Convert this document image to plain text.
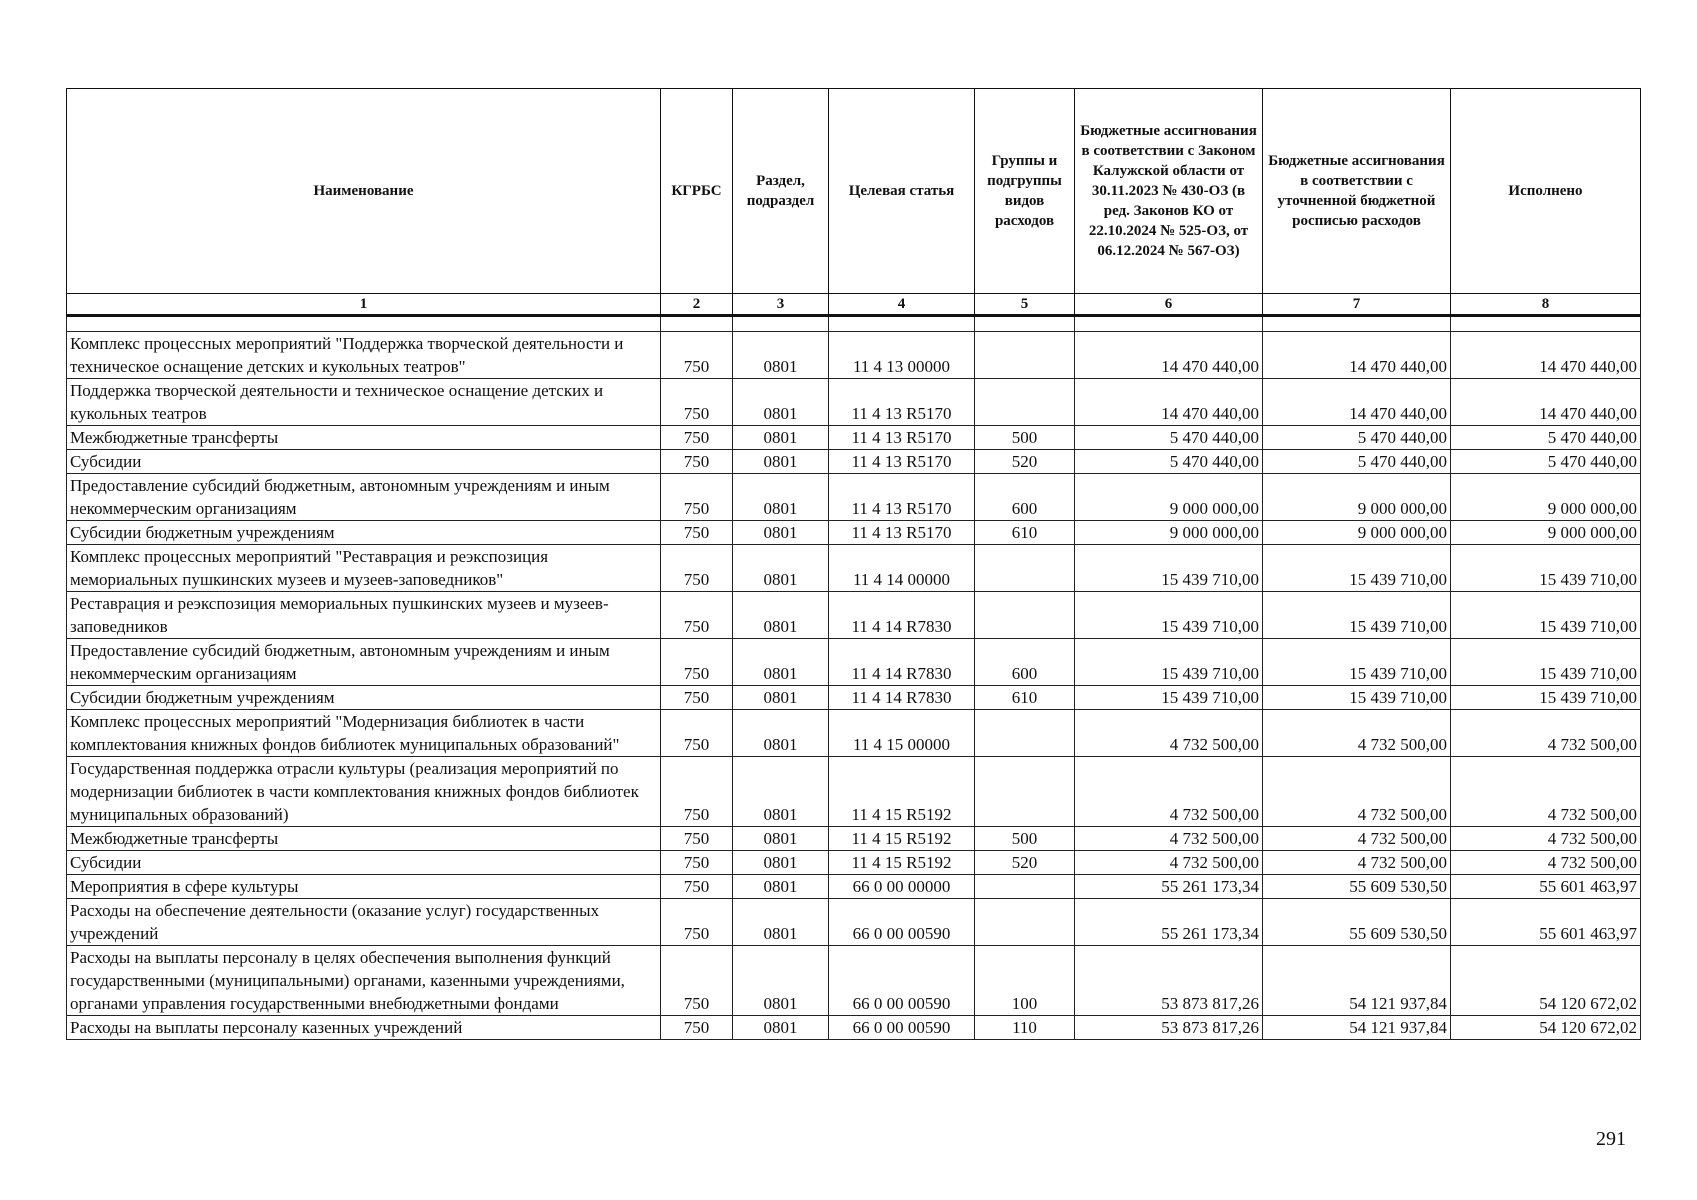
Наименование	КГРБС	Раздел, подраздел	Целевая статья	Группы и подгруппы видов расходов	Бюджетные ассигнования в соответствии с Законом Калужской области от 30.11.2023 № 430-ОЗ (в ред. Законов КО от 22.10.2024 № 525-ОЗ, от 06.12.2024 № 567-ОЗ)	Бюджетные ассигнования в соответствии с уточненной бюджетной росписью расходов	Исполнено
1	2	3	4	5	6	7	8

Комплекс процессных мероприятий "Поддержка творческой деятельности и техническое оснащение детских и кукольных театров"	750	0801	11 4 13 00000		14 470 440,00	14 470 440,00	14 470 440,00
Поддержка творческой деятельности и техническое оснащение детских и кукольных театров	750	0801	11 4 13 R5170		14 470 440,00	14 470 440,00	14 470 440,00
Межбюджетные трансферты	750	0801	11 4 13 R5170	500	5 470 440,00	5 470 440,00	5 470 440,00
Субсидии	750	0801	11 4 13 R5170	520	5 470 440,00	5 470 440,00	5 470 440,00
Предоставление субсидий бюджетным, автономным учреждениям и иным некоммерческим организациям	750	0801	11 4 13 R5170	600	9 000 000,00	9 000 000,00	9 000 000,00
Субсидии бюджетным учреждениям	750	0801	11 4 13 R5170	610	9 000 000,00	9 000 000,00	9 000 000,00
Комплекс процессных мероприятий "Реставрация и реэкспозиция мемориальных пушкинских музеев и музеев-заповедников"	750	0801	11 4 14 00000		15 439 710,00	15 439 710,00	15 439 710,00
Реставрация и реэкспозиция мемориальных пушкинских музеев и музеев-заповедников	750	0801	11 4 14 R7830		15 439 710,00	15 439 710,00	15 439 710,00
Предоставление субсидий бюджетным, автономным учреждениям и иным некоммерческим организациям	750	0801	11 4 14 R7830	600	15 439 710,00	15 439 710,00	15 439 710,00
Субсидии бюджетным учреждениям	750	0801	11 4 14 R7830	610	15 439 710,00	15 439 710,00	15 439 710,00
Комплекс процессных мероприятий "Модернизация библиотек в части комплектования книжных фондов библиотек муниципальных образований"	750	0801	11 4 15 00000		4 732 500,00	4 732 500,00	4 732 500,00
Государственная поддержка отрасли культуры (реализация мероприятий по модернизации библиотек в части комплектования книжных фондов библиотек муниципальных образований)	750	0801	11 4 15 R5192		4 732 500,00	4 732 500,00	4 732 500,00
Межбюджетные трансферты	750	0801	11 4 15 R5192	500	4 732 500,00	4 732 500,00	4 732 500,00
Субсидии	750	0801	11 4 15 R5192	520	4 732 500,00	4 732 500,00	4 732 500,00
Мероприятия в сфере культуры	750	0801	66 0 00 00000		55 261 173,34	55 609 530,50	55 601 463,97
Расходы на обеспечение деятельности (оказание услуг) государственных учреждений	750	0801	66 0 00 00590		55 261 173,34	55 609 530,50	55 601 463,97
Расходы на выплаты персоналу в целях обеспечения выполнения функций государственными (муниципальными) органами, казенными учреждениями, органами управления государственными внебюджетными фондами	750	0801	66 0 00 00590	100	53 873 817,26	54 121 937,84	54 120 672,02
Расходы на выплаты персоналу казенных учреждений	750	0801	66 0 00 00590	110	53 873 817,26	54 121 937,84	54 120 672,02
291
